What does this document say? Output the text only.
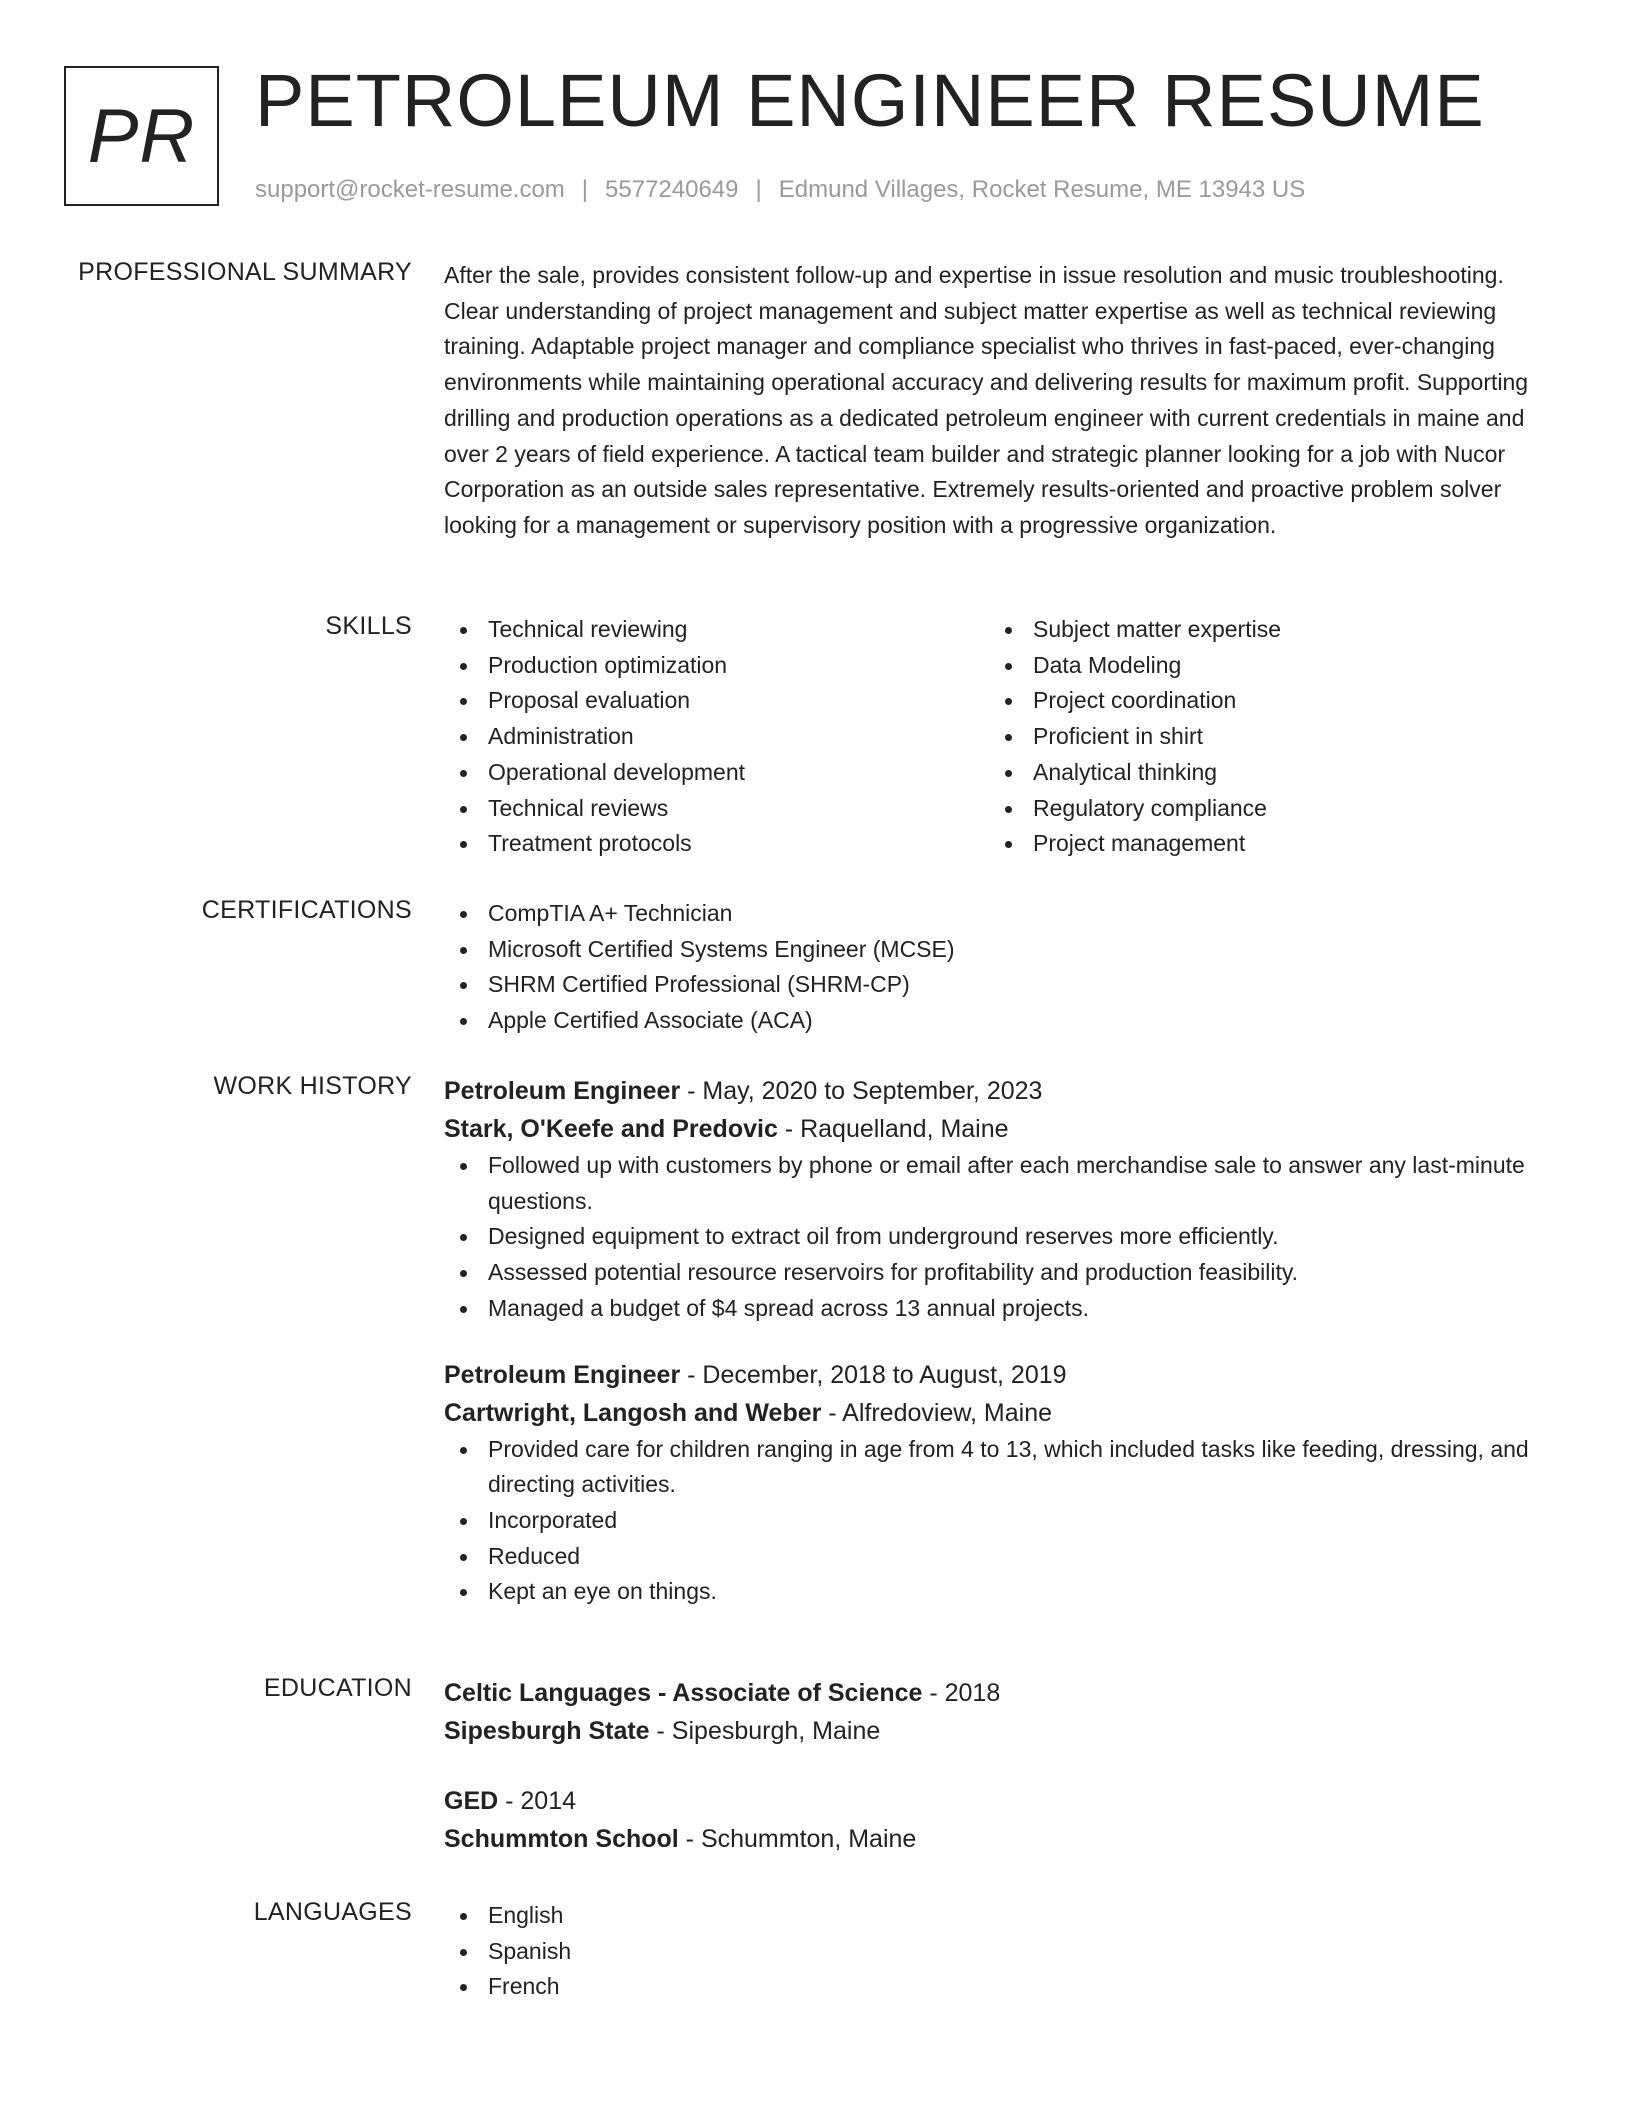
PR PETROLEUM ENGINEER RESUME
support@rocket-resume.com | 5577240649 | Edmund Villages, Rocket Resume, ME 13943 US
PROFESSIONAL SUMMARY After the sale, provides consistent follow-up and expertise in issue resolution and music troubleshooting. Clear understanding of project management and subject matter expertise as well as technical reviewing training. Adaptable project manager and compliance specialist who thrives in fast-paced, ever-changing environments while maintaining operational accuracy and delivering results for maximum profit. Supporting drilling and production operations as a dedicated petroleum engineer with current credentials in maine and over 2 years of field experience. A tactical team builder and strategic planner looking for a job with Nucor Corporation as an outside sales representative. Extremely results-oriented and proactive problem solver looking for a management or supervisory position with a progressive organization.

SKILLS	Technical reviewing
Production optimization
Proposal evaluation
Administration
Operational development
Technical reviews
Treatment protocols
Subject matter expertise
Data Modeling
Project coordination
Proficient in shirt
Analytical thinking
Regulatory compliance
Project management
CERTIFICATIONS	CompTIA A+ Technician
Microsoft Certified Systems Engineer (MCSE)
SHRM Certified Professional (SHRM-CP)
Apple Certified Associate (ACA)
WORK HISTORY Petroleum Engineer - May, 2020 to September, 2023
Stark, O'Keefe and Predovic - Raquelland, Maine
Followed up with customers by phone or email after each merchandise sale to answer any last-minute questions.
Designed equipment to extract oil from underground reserves more efficiently.
Assessed potential resource reservoirs for profitability and production feasibility.
Managed a budget of $4 spread across 13 annual projects.
Petroleum Engineer - December, 2018 to August, 2019
Cartwright, Langosh and Weber - Alfredoview, Maine
Provided care for children ranging in age from 4 to 13, which included tasks like feeding, dressing, and directing activities.
Incorporated
Reduced
Kept an eye on things.
EDUCATION Celtic Languages - Associate of Science - 2018
Sipesburgh State - Sipesburgh, Maine
GED - 2014
Schummton School - Schummton, Maine
LANGUAGES	English
Spanish
French
